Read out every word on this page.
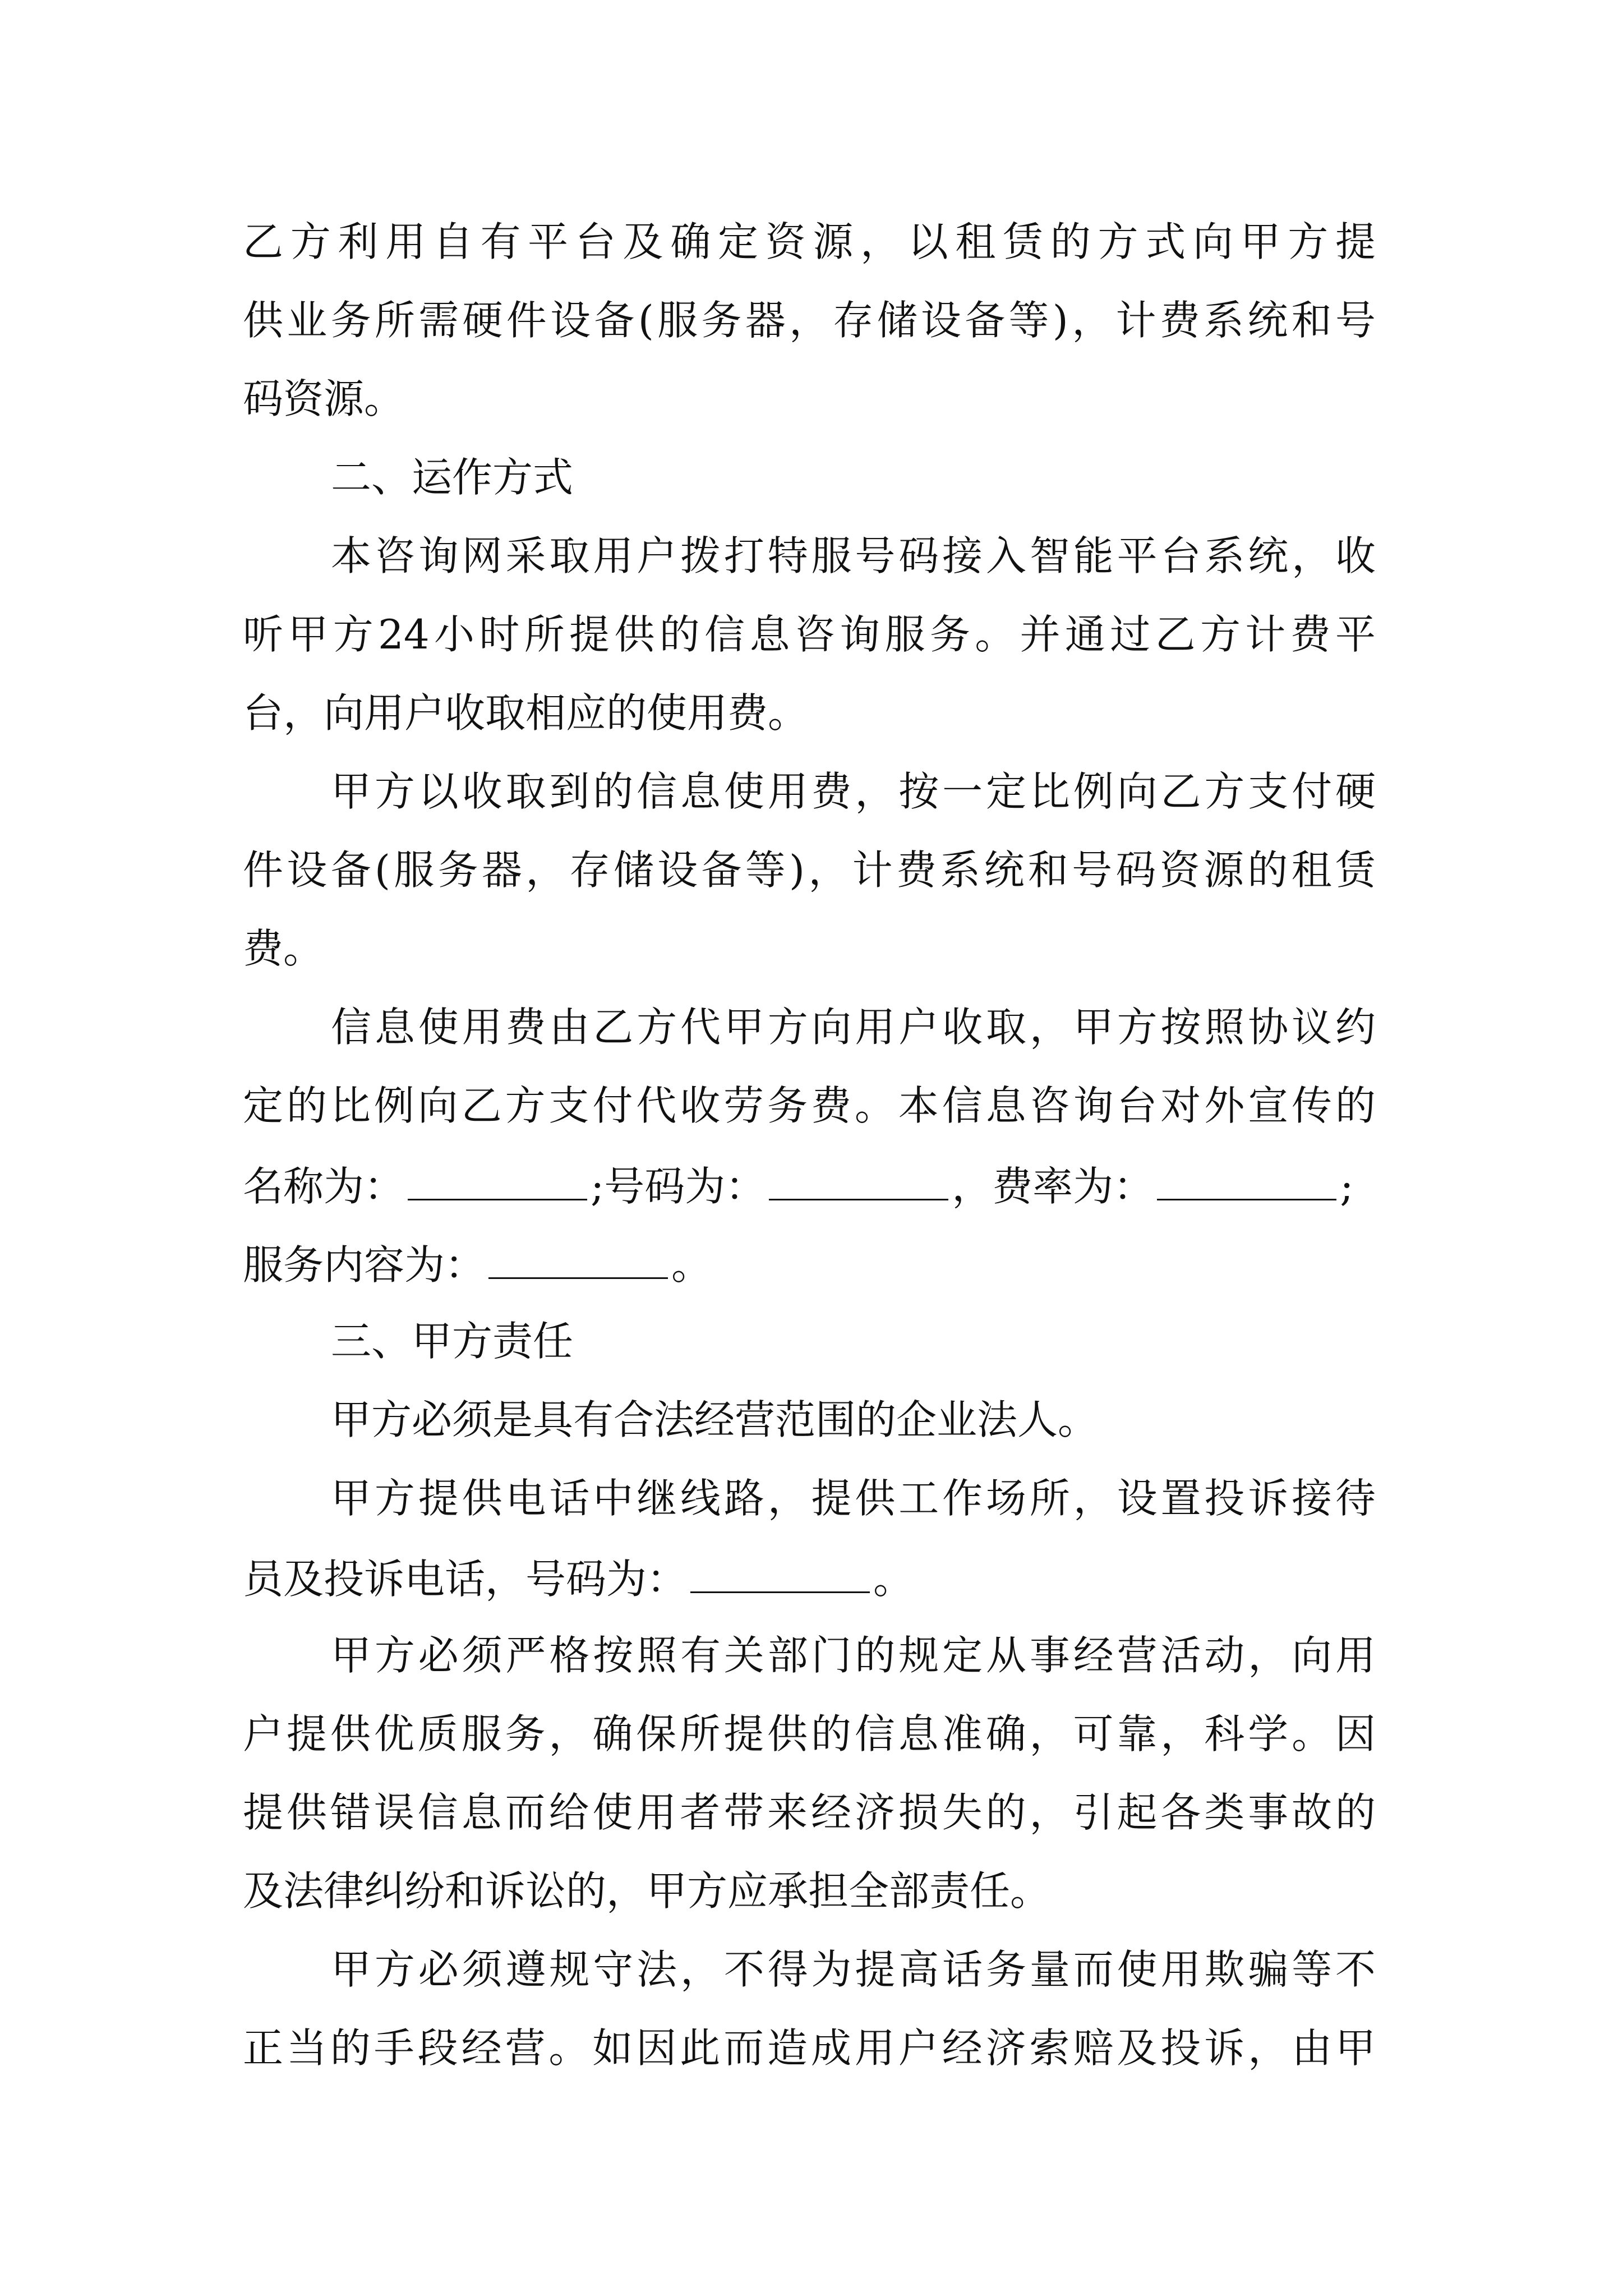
乙方利用自有平台及确定资源，以租赁的方式向甲方提
供业务所需硬件设备(服务器，存储设备等)，计费系统和号
码资源。
二、运作方式
本咨询网采取用户拨打特服号码接入智能平台系统，收
听甲方24小时所提供的信息咨询服务。并通过乙方计费平
台，向用户收取相应的使用费。
甲方以收取到的信息使用费，按一定比例向乙方支付硬
件设备(服务器，存储设备等)，计费系统和号码资源的租赁
费。
信息使用费由乙方代甲方向用户收取，甲方按照协议约
定的比例向乙方支付代收劳务费。本信息咨询台对外宣传的
名称为：	;号码为：	，费率为：	;
服务内容为：	。
三、甲方责任
甲方必须是具有合法经营范围的企业法人。
甲方提供电话中继线路，提供工作场所，设置投诉接待
员及投诉电话，号码为：	。
甲方必须严格按照有关部门的规定从事经营活动，向用
户提供优质服务，确保所提供的信息准确，可靠，科学。因
提供错误信息而给使用者带来经济损失的，引起各类事故的
及法律纠纷和诉讼的，甲方应承担全部责任。
甲方必须遵规守法，不得为提高话务量而使用欺骗等不
正当的手段经营。如因此而造成用户经济索赔及投诉，由甲
